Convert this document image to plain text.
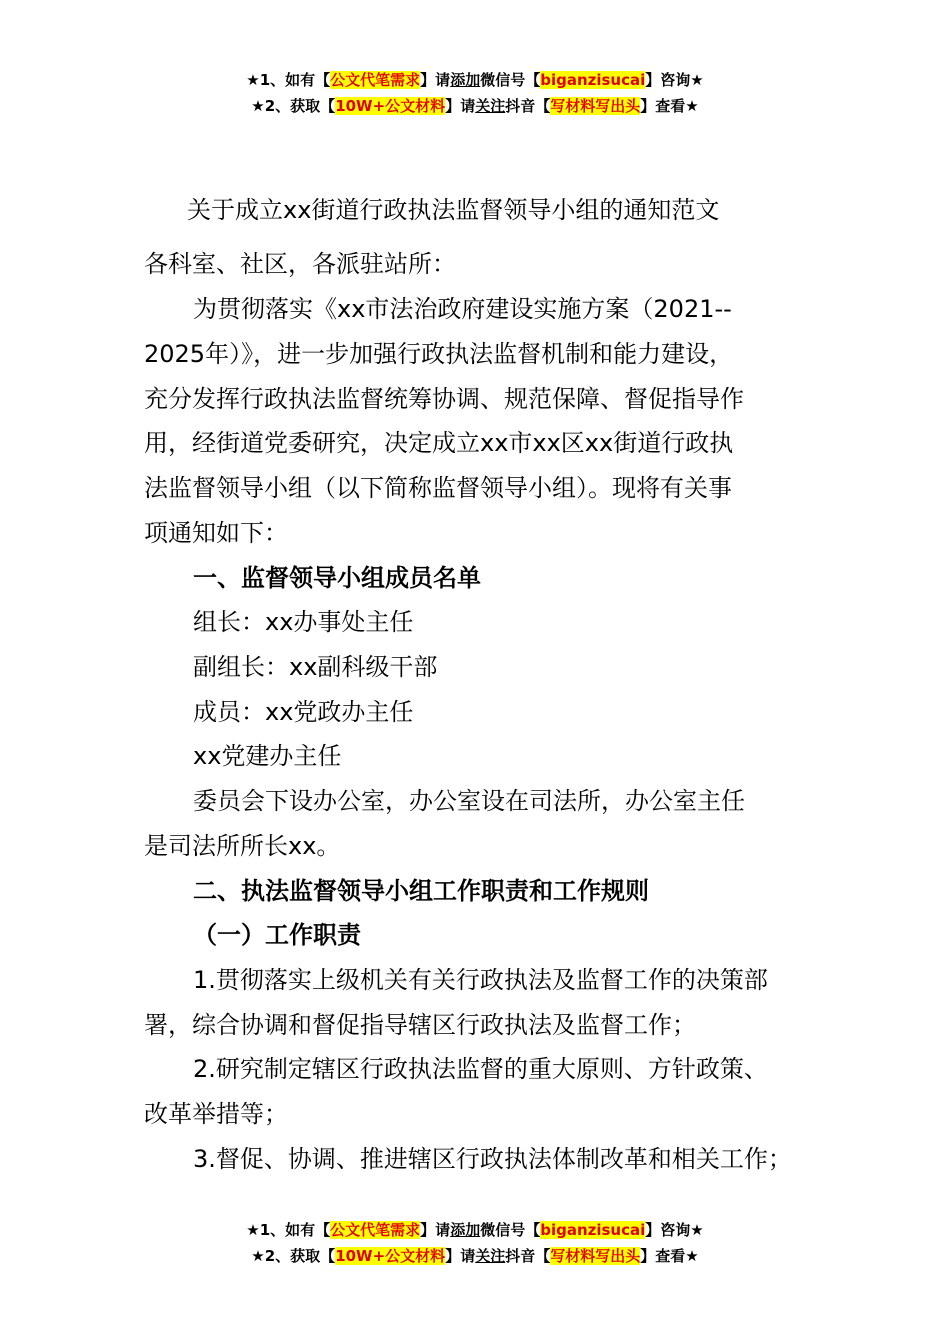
★1、如有【公文代笔需求】请添加微信号【biganzisucai】咨询★
★2、获取【10W+公文材料】请关注抖音【写材料写出头】查看★
关于成立xx街道行政执法监督领导小组的通知范文
各科室、社区，各派驻站所：
为贯彻落实《xx市法治政府建设实施方案（2021--
2025年）》，进一步加强行政执法监督机制和能力建设，
充分发挥行政执法监督统筹协调、规范保障、督促指导作
用，经街道党委研究，决定成立xx市xx区xx街道行政执
法监督领导小组（以下简称监督领导小组）。现将有关事
项通知如下：
一、监督领导小组成员名单
组长：xx办事处主任
副组长：xx副科级干部
成员：xx党政办主任
xx党建办主任
委员会下设办公室，办公室设在司法所，办公室主任
是司法所所长xx。
二、执法监督领导小组工作职责和工作规则
（一）工作职责
1.贯彻落实上级机关有关行政执法及监督工作的决策部
署，综合协调和督促指导辖区行政执法及监督工作；
2.研究制定辖区行政执法监督的重大原则、方针政策、
改革举措等；
3.督促、协调、推进辖区行政执法体制改革和相关工作；
★1、如有【公文代笔需求】请添加微信号【biganzisucai】咨询★
★2、获取【10W+公文材料】请关注抖音【写材料写出头】查看★
